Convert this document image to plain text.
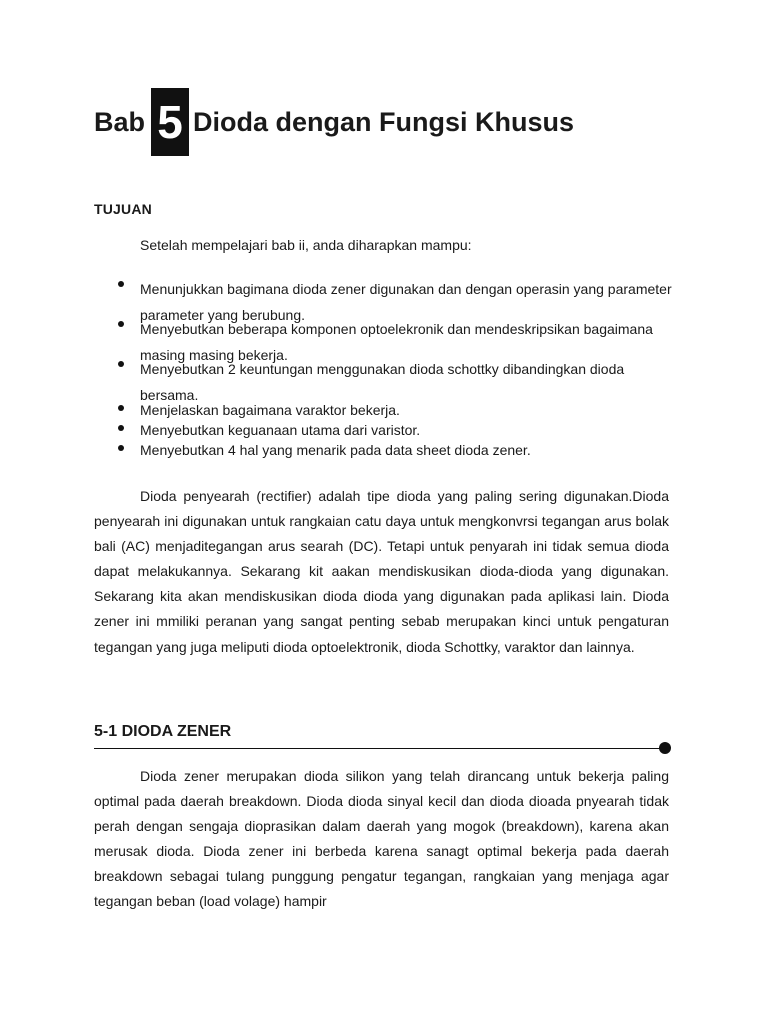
Bab 5 Dioda dengan Fungsi Khusus
TUJUAN
Setelah mempelajari bab ii, anda diharapkan mampu:
Menunjukkan bagimana dioda zener digunakan dan dengan operasin yang parameter parameter yang berubung.
Menyebutkan beberapa komponen optoelekronik dan mendeskripsikan bagaimana masing masing bekerja.
Menyebutkan 2 keuntungan menggunakan dioda schottky dibandingkan dioda bersama.
Menjelaskan bagaimana varaktor bekerja.
Menyebutkan keguanaan utama dari varistor.
Menyebutkan 4 hal yang menarik pada data sheet dioda zener.

Dioda penyearah (rectifier) adalah tipe dioda yang paling sering digunakan.Dioda penyearah ini digunakan untuk rangkaian catu daya untuk mengkonvrsi tegangan arus bolak bali (AC) menjaditegangan arus searah (DC). Tetapi untuk penyarah ini tidak semua dioda dapat melakukannya. Sekarang kit aakan mendiskusikan dioda-dioda yang digunakan. Sekarang kita akan mendiskusikan dioda dioda yang digunakan pada aplikasi lain. Dioda zener ini mmiliki peranan yang sangat penting sebab merupakan kinci untuk pengaturan tegangan yang juga meliputi dioda optoelektronik, dioda Schottky, varaktor dan lainnya.

5-1 DIODA ZENER

Dioda zener merupakan dioda silikon yang telah dirancang untuk bekerja paling optimal pada daerah breakdown. Dioda dioda sinyal kecil dan dioda dioada pnyearah tidak perah dengan sengaja dioprasikan dalam daerah yang mogok (breakdown), karena akan merusak dioda. Dioda zener ini berbeda karena sanagt optimal bekerja pada daerah breakdown sebagai tulang punggung pengatur tegangan, rangkaian yang menjaga agar tegangan beban (load volage) hampir
